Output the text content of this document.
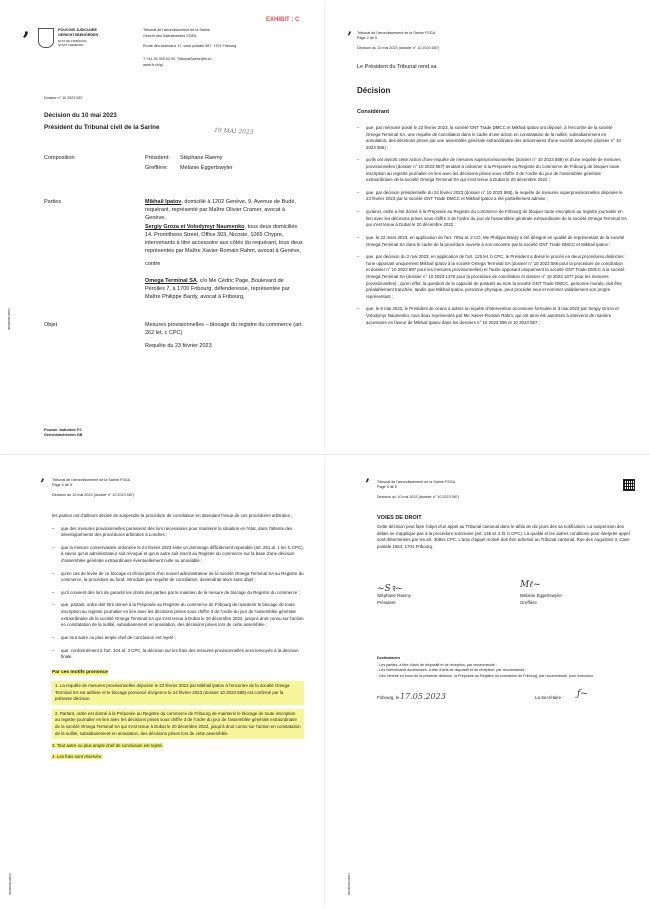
’	POUVOIR JUDICIAIRE
GERICHTSBEHÖRDEN
ETAT DE FRIBOURG
STAAT FREIBURG
Tribunal de l'arrondissement de la Sarine
Gericht des Saanebezirks SGEA
Route des Arsenaux 17, case postale 587, 1701 Fribourg
T +41 26 305 62 00, TribunalSarine@fr.ch
www.fr.ch/pj
EXHIBIT : C
Dossier n° 10 2023 587
Décision du 10 mai 2023
Président du Tribunal civil de la Sarine	19 MAI 2023
Composition	Président: Stéphane Raemy
Greffière: Mélanie Eggertswyler
Parties	Mikhail Ipatov, domicilié à 1202 Genève, 9, Avenue de Budé, requérant, représenté par Maître Olivier Cramer, avocat à Genève,
Sergiy Groza et Volodymyr Naumenko, tous deux domiciliés 14, Promitheos Street, Office 303, Nicosie, 1065 Chypre, intervenants à titre accessoire aux côtés du requérant, tous deux représentés par Maître Xavier-Romain Rahm, avocat à Genève,
contre
Omega Terminal SA, c/o Me Cédric Page, Boulevard de Pérolles 7, à 1700 Fribourg, défenderesse, représentée par Maître Philippe Bardy, avocat à Fribourg,
Objet	Mesures provisionnelles – blocage du registre du commerce (art. 262 let. c CPC)
Requête du 23 février 2023
0000000010004
Pouvoir Judiciaire PJ
Gerichtsbehörden GB
’ Tribunal de l'arrondissement de la Sarine FSGA
Page 2 de 5
Décision du 10 mai 2023 (dossier n° 10 2023 587)
Le Président du Tribunal rend sa
Décision
Considérant
– que, par mémoire posté le 23 février 2023, la société GNT Trade DMCC et Mikhail Ipatov ont déposé, à l'encontre de la société Omega Terminal SA, une requête de conciliation dans le cadre d'une action en constatation de la nullité, subsidiairement en annulation, des décisions prises par une assemblée générale extraordinaire des actionnaires d'une société anonyme (dossier n° 10 2023 586) ;
– qu'ils ont assorti cette action d'une requête de mesures superprovisionnelles (dossier n° 10 2023 588) et d'une requête de mesures provisionnelles (dossier n° 10 2023 587) tendant à ordonner à la Préposée au Registre du commerce de Fribourg de bloquer toute inscription au registre journalier en lien avec les décisions prises sous chiffre 3 de l'ordre du jour de l'assemblée générale extraordinaire de la société Omega Terminal SA qui s'est tenue à Dubaï le 20 décembre 2022 ;
– que, par décision présidentielle du 24 février 2023 (dossier n° 10 2023 588), la requête de mesures superprovisionnelles déposée le 23 février 2023 par la société GNT Trade DMCC et Mikhail Ipatov a été partiellement admise ;
– qu'ainsi, ordre a été donné à la Préposée au Registre du commerce de Fribourg de bloquer toute inscription au registre journalier en lien avec les décisions prises sous chiffre 3 de l'ordre du jour de l'assemblée générale extraordinaire de la société Omega Terminal SA qui s'est tenue à Dubaï le 20 décembre 2022 ;
– que, le 22 mars 2023, en application de l'art. 706a al. 2 CO, Me Philippe Bardy a été désigné en qualité de représentant de la société Omega Terminal SA dans le cadre de la procédure ouverte à son encontre par la société GNT Trade DMCC et Mikhail Ipatov ;
– que, par décision du 2 mai 2023, en application de l'art. 125 let. b CPC, le Président a divisé le procès en deux procédures distinctes : l'une opposant uniquement Mikhail Ipatov à la société Omega Terminal SA (dossier n° 10 2023 586 pour la procédure de conciliation et dossier n° 10 2023 587 pour les mesures provisionnelles) et l'autre opposant uniquement la société GNT Trade DMCC à la société Omega Terminal SA (dossier n° 10 2023 1376 pour la procédure de conciliation et dossier n° 10 2023 1377 pour les mesures provisionnelles) ; qu'en effet, la question de la capacité de postuler au nom la société GNT Trade DMCC, personne morale, doit être préalablement tranchée, tandis que Mikhail Ipatov, personne physique, peut procéder seul et nommer valablement son propre représentant ;
– que, le 8 mai 2023, le Président de céans a admis la requête d'intervention accessoire formulée le 3 mai 2023 par Sergiy Groza et Volodymyr Naumenko, tous deux représentés par Me Xavier-Romain Rahm, qui ont ainsi été autorisés à intervenir de manière accessoire en faveur de Mikhail Ipatov dans les dossiers n° 10 2023 586 et 10 2023 587 ;
’ Tribunal de l'arrondissement de la Sarine FSGA
Page 4 de 5
Décision du 10 mai 2023 (dossier n° 10 2023 587)
les parties ont d'ailleurs décidé de suspendre la procédure de conciliation en attendant l'issue de ces procédures arbitrales ;
– que des mesures provisionnelles paraissent dès lors nécessaires pour maintenir la situation en l'état, dans l'attente des développements des procédures arbitrales à Londres ;
– que la mesure conservatoire ordonnée le 24 février 2023 évite un dommage difficilement réparable (art. 261 al. 1 let. b CPC), à savoir qu'un administrateur soit révoqué et qu'un autre soit inscrit au Registre du commerce sur la base d'une décision d'assemblée générale extraordinaire éventuellement nulle ou annulable ;
– qu'en cas de levée de ce blocage et d'inscription d'un nouvel administrateur de la société Omega Terminal SA au Registre du commerce, la procédure au fond, introduite par requête de conciliation, deviendrait alors sans objet ;
– qu'il convient dès lors de garantir les droits des parties par le maintien de la mesure de blocage du Registre du commerce ;
– que, partant, ordre doit être donné à la Préposée au Registre du commerce de Fribourg de maintenir le blocage de toute inscription au registre journalier en lien avec les décisions prises sous chiffre 3 de l'ordre du jour de l'assemblée générale extraordinaire de la société Omega Terminal SA qui s'est tenue à Dubaï le 20 décembre 2022, jusqu'à droit connu sur l'action en constatation de la nullité, subsidiairement en annulation, des décisions prises lors de cette assemblée ;
– que tout autre ou plus ample chef de conclusion est rejeté ;
– que, conformément à l'art. 104 al. 3 CPC, la décision sur les frais des mesures provisionnelles sera renvoyée à la décision finale.
Par ces motifs prononce
1. La requête de mesures provisionnelles déposée le 23 février 2023 par Mikhail Ipatov à l'encontre de la société Omega Terminal SA est admise et le blocage prononcé d'urgence le 24 février 2023 (dossier 10 2023 588) est confirmé par la présente décision.
2. Partant, ordre est donné à la Préposée au Registre du commerce de Fribourg de maintenir le blocage de toute inscription au registre journalier en lien avec les décisions prises sous chiffre 3 de l'ordre du jour de l'assemblée générale extraordinaire de la société Omega Terminal SA qui s'est tenue à Dubaï le 20 décembre 2022, jusqu'à droit connu sur l'action en constatation de la nullité, subsidiairement en annulation, des décisions prises lors de cette assemblée.
3. Tout autre ou plus ample chef de conclusion est rejeté.
4. Les frais sont réservés.
0000000010004
’ Tribunal de l'arrondissement de la Sarine FSGA
Page 5 de 5
Décision du 10 mai 2023 (dossier n° 10 2023 587)
VOIES DE DROIT
Cette décision peut faire l'objet d'un appel au Tribunal cantonal dans le délai de dix jours dès sa notification. La suspension des délais ne s'applique pas à la procédure sommaire (art. 145 al. 2 lit. b CPC). La qualité et les autres conditions pour interjeter appel sont déterminées par les art. 308ss CPC. L'acte d'appel motivé doit être adressé au Tribunal cantonal, Rue des Augustins 3, Case postale 1654, 1701 Fribourg.
~Sꝛ~	Mℓ~
Stéphane Raemy
Président
Mélanie Eggertswyler
Greffière
Destinataires
- Les parties, à titre d'avis de dispositif et de réception, par recommandé ;
- Les intervenants accessoires, à titre d'avis de dispositif et de réception, par recommandé ;
- Dès l'entrée en force de la présente décision, la Préposée au Registre du commerce de Fribourg, par recommandé, pour exécution.
Fribourg, le 17.05.2023	La Secrétaire : ƒ~
0000000010004
